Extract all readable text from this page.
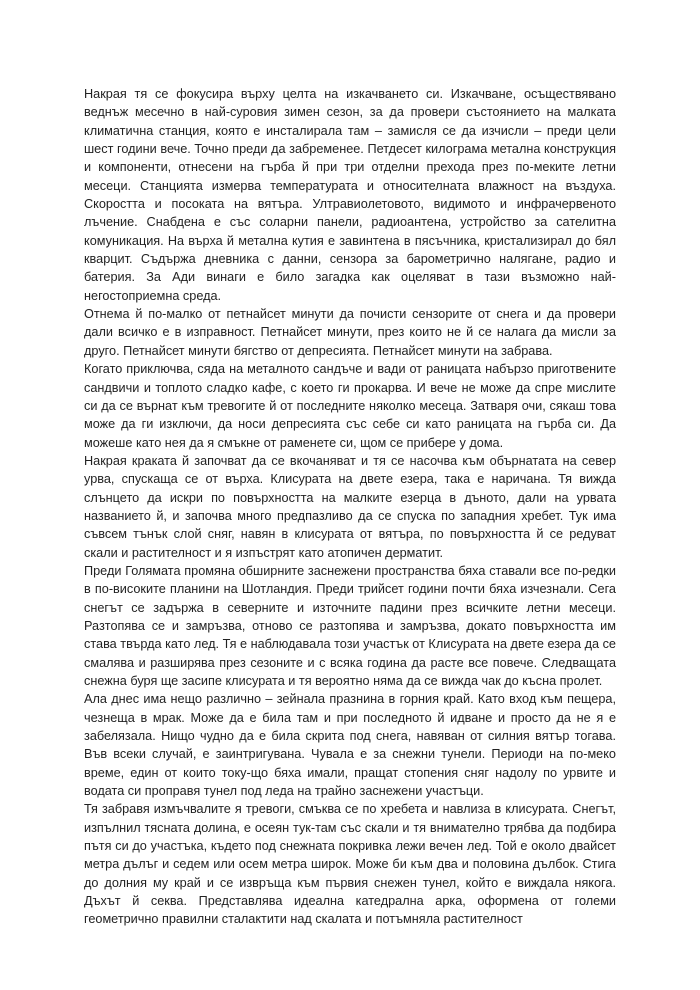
Накрая тя се фокусира върху целта на изкачването си. Изкачване, осъществявано веднъж месечно в най-суровия зимен сезон, за да провери състоянието на малката климатична станция, която е инсталирала там – замисля се да изчисли – преди цели шест години вече. Точно преди да забременее. Петдесет килограма метална конструкция и компоненти, отнесени на гърба й при три отделни прехода през по-меките летни месеци. Станцията измерва температурата и относителната влажност на въздуха. Скоростта и посоката на вятъра. Ултравиолетовото, видимото и инфрачервеното лъчение. Снабдена е със соларни панели, радиоантена, устройство за сателитна комуникация. На върха й метална кутия е завинтена в пясъчника, кристализирал до бял кварцит. Съдържа дневника с данни, сензора за барометрично налягане, радио и батерия. За Ади винаги е било загадка как оцеляват в тази възможно най-негостоприемна среда.

Отнема й по-малко от петнайсет минути да почисти сензорите от снега и да провери дали всичко е в изправност. Петнайсет минути, през които не й се налага да мисли за друго. Петнайсет минути бягство от депресията. Петнайсет минути на забрава.

Когато приключва, сяда на металното сандъче и вади от раницата набързо приготвените сандвичи и топлото сладко кафе, с което ги прокарва. И вече не може да спре мислите си да се върнат към тревогите й от последните няколко месеца. Затваря очи, сякаш това може да ги изключи, да носи депресията със себе си като раницата на гърба си. Да можеше като нея да я смъкне от раменете си, щом се прибере у дома.

Накрая краката й започват да се вкочаняват и тя се насочва към обърнатата на север урва, спускаща се от върха. Клисурата на двете езера, така е наричана. Тя вижда слънцето да искри по повърхността на малките езерца в дъното, дали на урвата названието й, и започва много предпазливо да се спуска по западния хребет. Тук има съвсем тънък слой сняг, навян в клисурата от вятъра, по повърхността й се редуват скали и растителност и я изпъстрят като атопичен дерматит.

Преди Голямата промяна обширните заснежени пространства бяха ставали все по-редки в по-високите планини на Шотландия. Преди трийсет години почти бяха изчезнали. Сега снегът се задържа в северните и източните падини през всичките летни месеци. Разтопява се и замръзва, отново се разтопява и замръзва, докато повърхността им става твърда като лед. Тя е наблюдавала този участък от Клисурата на двете езера да се смалява и разширява през сезоните и с всяка година да расте все повече. Следващата снежна буря ще засипе клисурата и тя вероятно няма да се вижда чак до късна пролет.

Ала днес има нещо различно – зейнала празнина в горния край. Като вход към пещера, чезнеща в мрак. Може да е била там и при последното й идване и просто да не я е забелязала. Нищо чудно да е била скрита под снега, навяван от силния вятър тогава. Във всеки случай, е заинтригувана. Чувала е за снежни тунели. Периоди на по-меко време, един от които току-що бяха имали, пращат стопения сняг надолу по урвите и водата си проправя тунел под леда на трайно заснежени участъци.

Тя забравя измъчвалите я тревоги, смъква се по хребета и навлиза в клисурата. Снегът, изпълнил тясната долина, е осеян тук-там със скали и тя внимателно трябва да подбира пътя си до участъка, където под снежната покривка лежи вечен лед. Той е около двайсет метра дълъг и седем или осем метра широк. Може би към два и половина дълбок. Стига до долния му край и се извръща към първия снежен тунел, който е виждала някога. Дъхът й секва. Представлява идеална катедрална арка, оформена от големи геометрично правилни сталактити над скалата и потъмняла растителност
